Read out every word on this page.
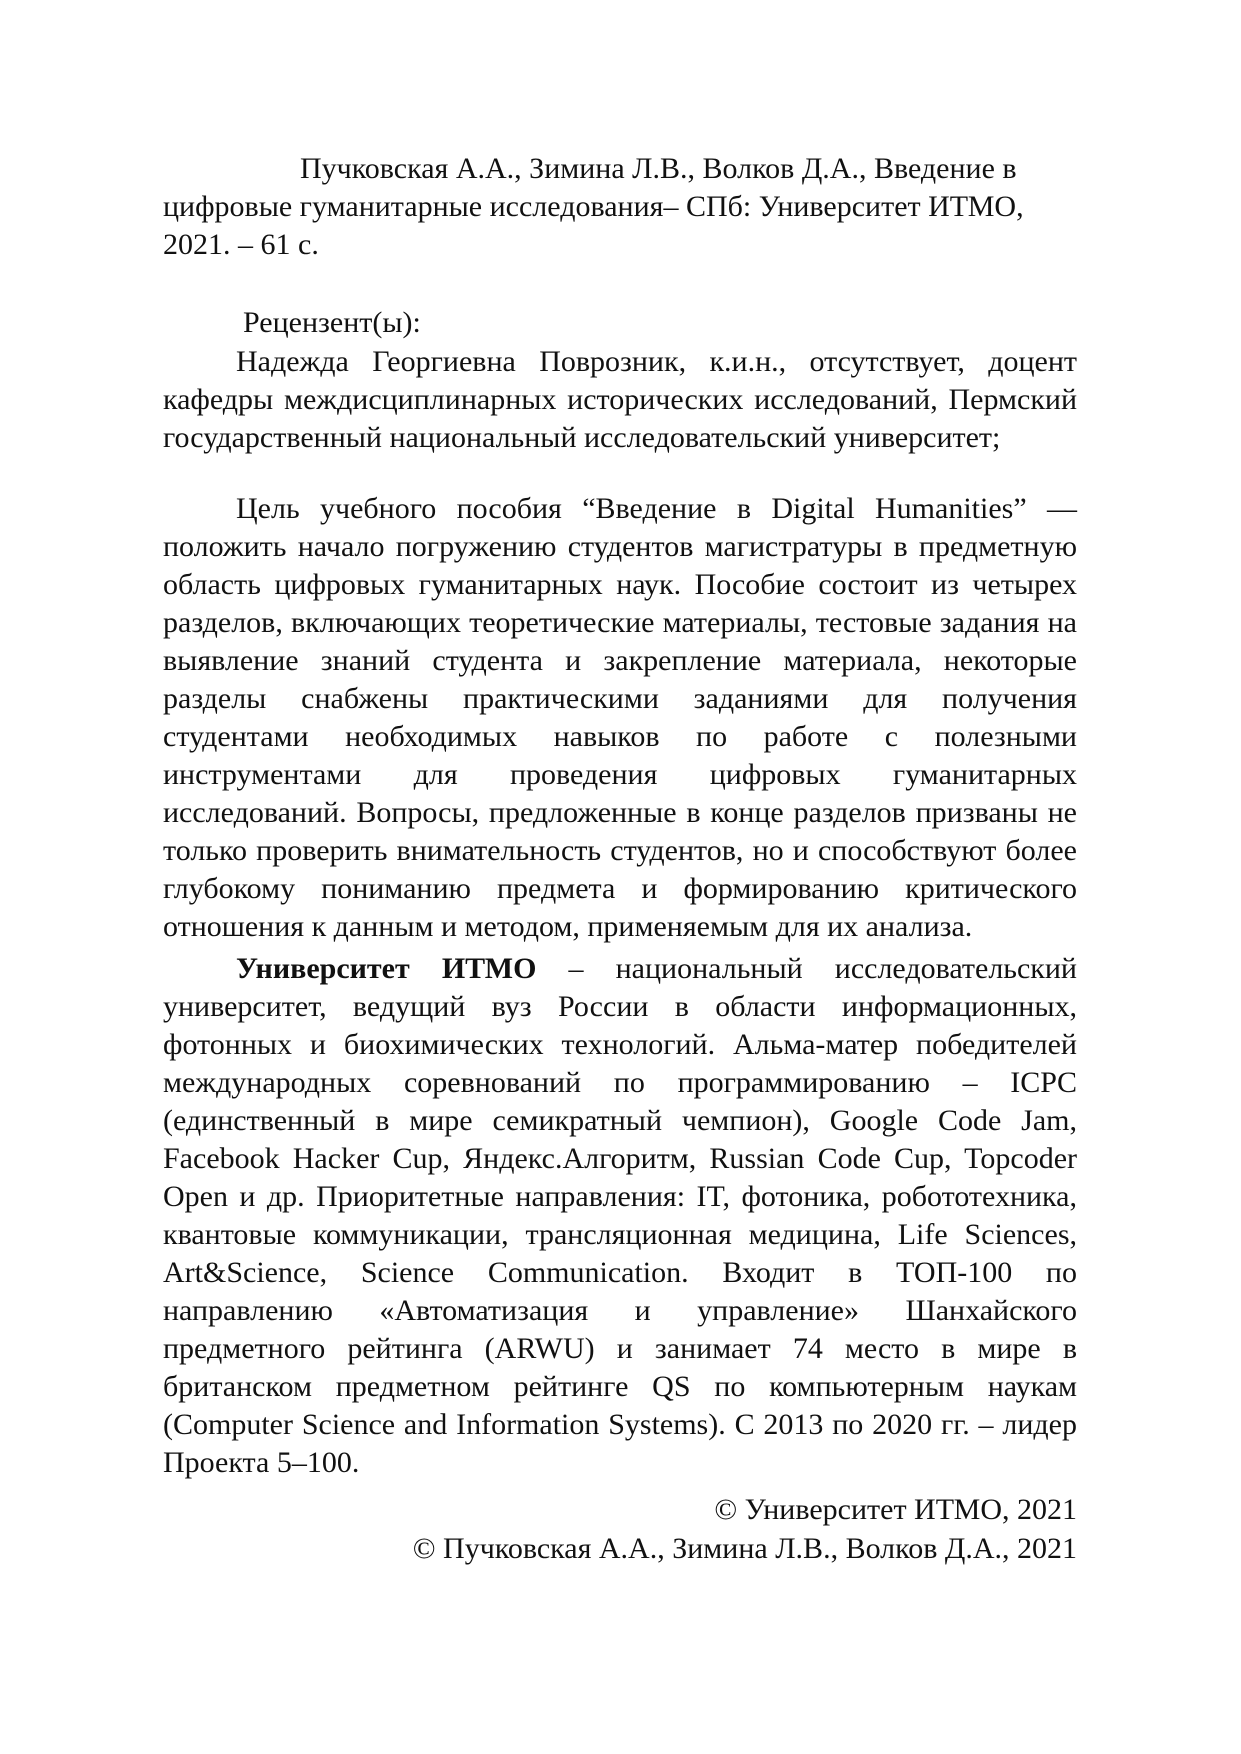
Пучковская А.А., Зимина Л.В., Волков Д.А., Введение в цифровые гуманитарные исследования– СПб: Университет ИТМО, 2021. – 61 с.

Рецензент(ы):

Надежда Георгиевна Поврозник, к.и.н., отсутствует, доцент кафедры междисциплинарных исторических исследований, Пермский государственный национальный исследовательский университет;

Цель учебного пособия “Введение в Digital Humanities” — положить начало погружению студентов магистратуры в предметную область цифровых гуманитарных наук. Пособие состоит из четырех разделов, включающих теоретические материалы, тестовые задания на выявление знаний студента и закрепление материала, некоторые разделы снабжены практическими заданиями для получения студентами необходимых навыков по работе с полезными инструментами для проведения цифровых гуманитарных исследований. Вопросы, предложенные в конце разделов призваны не только проверить внимательность студентов, но и способствуют более глубокому пониманию предмета и формированию критического отношения к данным и методом, применяемым для их анализа.

Университет ИТМО – национальный исследовательский университет, ведущий вуз России в области информационных, фотонных и биохимических технологий. Альма-матер победителей международных соревнований по программированию – ICPC (единственный в мире семикратный чемпион), Google Code Jam, Facebook Hacker Cup, Яндекс.Алгоритм, Russian Code Cup, Topcoder Open и др. Приоритетные направления: IT, фотоника, робототехника, квантовые коммуникации, трансляционная медицина, Life Sciences, Art&Science, Science Communication. Входит в ТОП-100 по направлению «Автоматизация и управление» Шанхайского предметного рейтинга (ARWU) и занимает 74 место в мире в британском предметном рейтинге QS по компьютерным наукам (Computer Science and Information Systems). С 2013 по 2020 гг. – лидер Проекта 5–100.

© Университет ИТМО, 2021
© Пучковская А.А., Зимина Л.В., Волков Д.А., 2021
